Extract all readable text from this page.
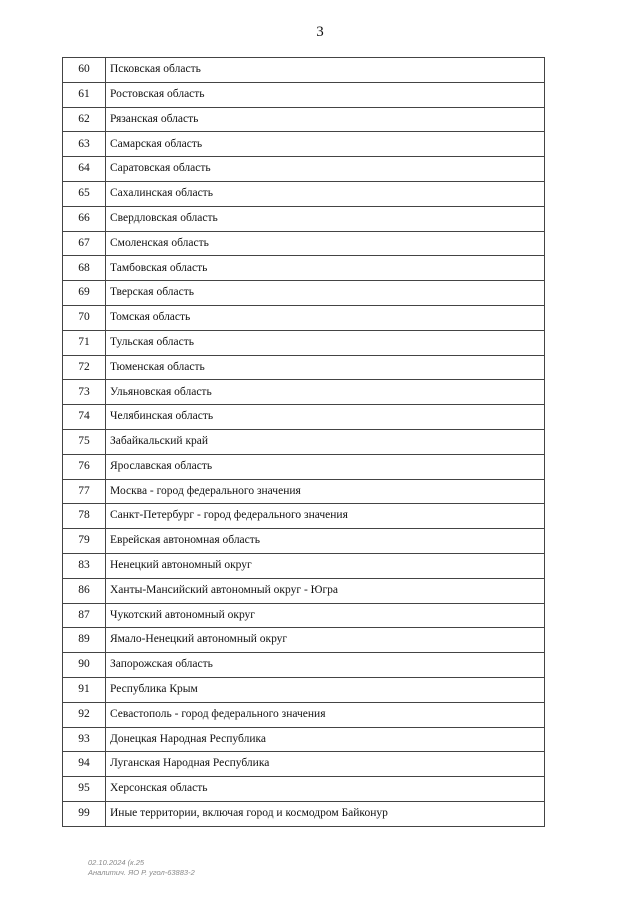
3
60	Псковская область
61	Ростовская область
62	Рязанская область
63	Самарская область
64	Саратовская область
65	Сахалинская область
66	Свердловская область
67	Смоленская область
68	Тамбовская область
69	Тверская область
70	Томская область
71	Тульская область
72	Тюменская область
73	Ульяновская область
74	Челябинская область
75	Забайкальский край
76	Ярославская область
77	Москва - город федерального значения
78	Санкт-Петербург - город федерального значения
79	Еврейская автономная область
83	Ненецкий автономный округ
86	Ханты-Мансийский автономный округ - Югра
87	Чукотский автономный округ
89	Ямало-Ненецкий автономный округ
90	Запорожская область
91	Республика Крым
92	Севастополь - город федерального значения
93	Донецкая Народная Республика
94	Луганская Народная Республика
95	Херсонская область
99	Иные территории, включая город и космодром Байконур
02.10.2024 (к.25
Аналитич. ЯО Р. угол-63883-2
